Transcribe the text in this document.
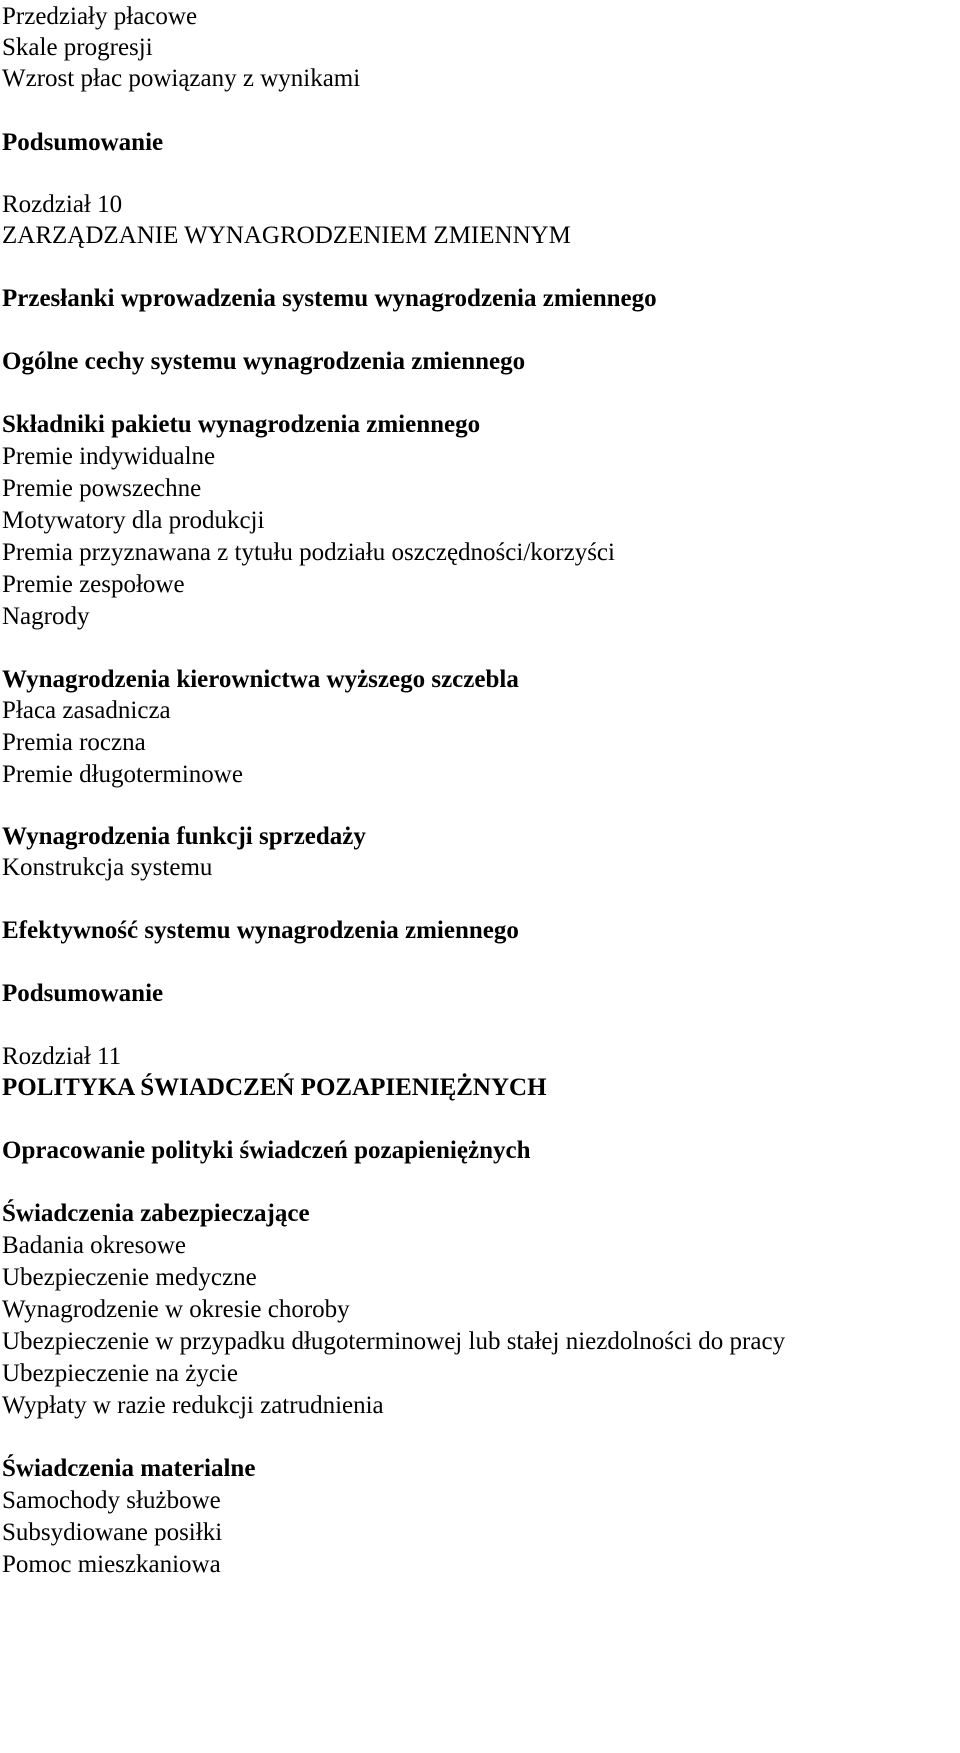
Przedziały płacowe
Skale progresji
Wzrost płac powiązany z wynikami
Podsumowanie
Rozdział 10
ZARZĄDZANIE WYNAGRODZENIEM ZMIENNYM
Przesłanki wprowadzenia systemu wynagrodzenia zmiennego
Ogólne cechy systemu wynagrodzenia zmiennego
Składniki pakietu wynagrodzenia zmiennego
Premie indywidualne
Premie powszechne
Motywatory dla produkcji
Premia przyznawana z tytułu podziału oszczędności/korzyści
Premie zespołowe
Nagrody
Wynagrodzenia kierownictwa wyższego szczebla
Płaca zasadnicza
Premia roczna
Premie długoterminowe
Wynagrodzenia funkcji sprzedaży
Konstrukcja systemu
Efektywność systemu wynagrodzenia zmiennego
Podsumowanie
Rozdział 11
POLITYKA ŚWIADCZEŃ POZAPIENIĘŻNYCH
Opracowanie polityki świadczeń pozapieniężnych
Świadczenia zabezpieczające
Badania okresowe
Ubezpieczenie medyczne
Wynagrodzenie w okresie choroby
Ubezpieczenie w przypadku długoterminowej lub stałej niezdolności do pracy
Ubezpieczenie na życie
Wypłaty w razie redukcji zatrudnienia
Świadczenia materialne
Samochody służbowe
Subsydiowane posiłki
Pomoc mieszkaniowa
